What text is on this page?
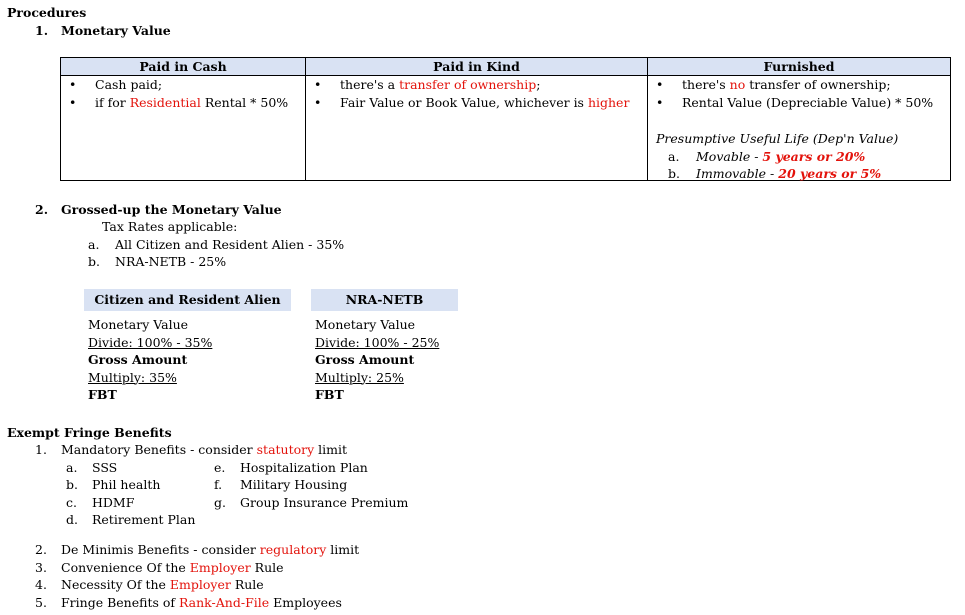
Procedures
1. Monetary Value
Paid in Cash
• Cash paid;
• if for Residential Rental * 50%
Paid in Kind
• there's a transfer of ownership;
• Fair Value or Book Value, whichever is higher
Furnished
• there's no transfer of ownership;
• Rental Value (Depreciable Value) * 50%
Presumptive Useful Life (Dep'n Value)
a. Movable - 5 years or 20%
b. Immovable - 20 years or 5%
2. Grossed-up the Monetary Value
Tax Rates applicable:
a. All Citizen and Resident Alien - 35%
b. NRA-NETB - 25%
Citizen and Resident Alien
Monetary Value
Divide: 100% - 35%
Gross Amount
Multiply: 35%
FBT
NRA-NETB
Monetary Value
Divide: 100% - 25%
Gross Amount
Multiply: 25%
FBT
Exempt Fringe Benefits
1. Mandatory Benefits - consider statutory limit
a. SSS
b. Phil health
c. HDMF
d. Retirement Plan
e. Hospitalization Plan
f. Military Housing
g. Group Insurance Premium
2. De Minimis Benefits - consider regulatory limit
3. Convenience Of the Employer Rule
4. Necessity Of the Employer Rule
5. Fringe Benefits of Rank-And-File Employees
